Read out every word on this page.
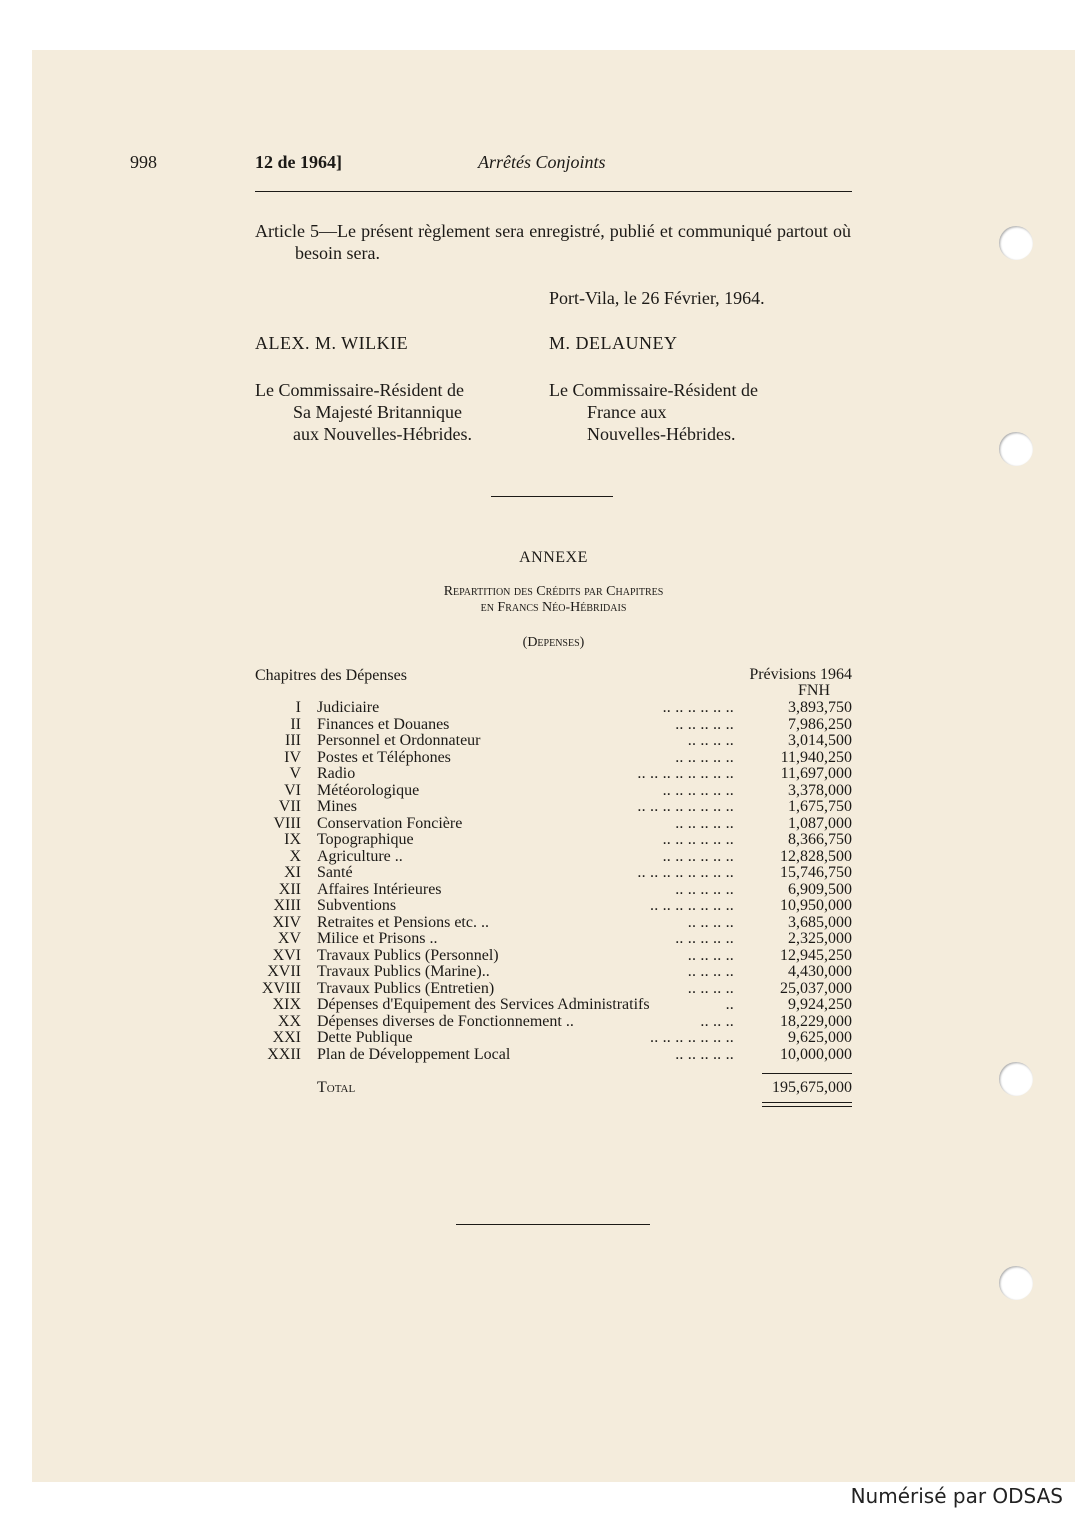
998	12 de 1964]	Arrêtés Conjoints
Article 5—Le présent règlement sera enregistré, publié et communiqué partout où besoin sera.
Port-Vila, le 26 Février, 1964.
ALEX. M. WILKIE	M. DELAUNEY
Le Commissaire-Résident de
Sa Majesté Britannique
aux Nouvelles-Hébrides.
Le Commissaire-Résident de
France aux
Nouvelles-Hébrides.
ANNEXE
Repartition des Crédits par Chapitres
en Francs Néo-Hébridais
(Depenses)
Chapitres des Dépenses	Prévisions 1964
FNH
I Judiciaire	.. .. .. .. .. ..	3,893,750
II Finances et Douanes	.. .. .. .. ..	7,986,250
III Personnel et Ordonnateur	.. .. .. ..	3,014,500
IV Postes et Téléphones	.. .. .. .. ..	11,940,250
V Radio	.. .. .. .. .. .. .. ..	11,697,000
VI Météorologique	.. .. .. .. .. ..	3,378,000
VII Mines	.. .. .. .. .. .. .. ..	1,675,750
VIII Conservation Foncière	.. .. .. .. ..	1,087,000
IX Topographique	.. .. .. .. .. ..	8,366,750
X Agriculture ..	.. .. .. .. .. ..	12,828,500
XI Santé	.. .. .. .. .. .. .. ..	15,746,750
XII Affaires Intérieures	.. .. .. .. ..	6,909,500
XIII Subventions	.. .. .. .. .. .. ..	10,950,000
XIV Retraites et Pensions etc. ..	.. .. .. ..	3,685,000
XV Milice et Prisons ..	.. .. .. .. ..	2,325,000
XVI Travaux Publics (Personnel)	.. .. .. ..	12,945,250
XVII Travaux Publics (Marine)..	.. .. .. ..	4,430,000
XVIII Travaux Publics (Entretien)	.. .. .. ..	25,037,000
XIX Dépenses d'Equipement des Services Administratifs	..	9,924,250
XX Dépenses diverses de Fonctionnement ..	.. .. ..	18,229,000
XXI Dette Publique	.. .. .. .. .. .. ..	9,625,000
XXII Plan de Développement Local	.. .. .. .. ..	10,000,000
Total	195,675,000
Numérisé par ODSAS
